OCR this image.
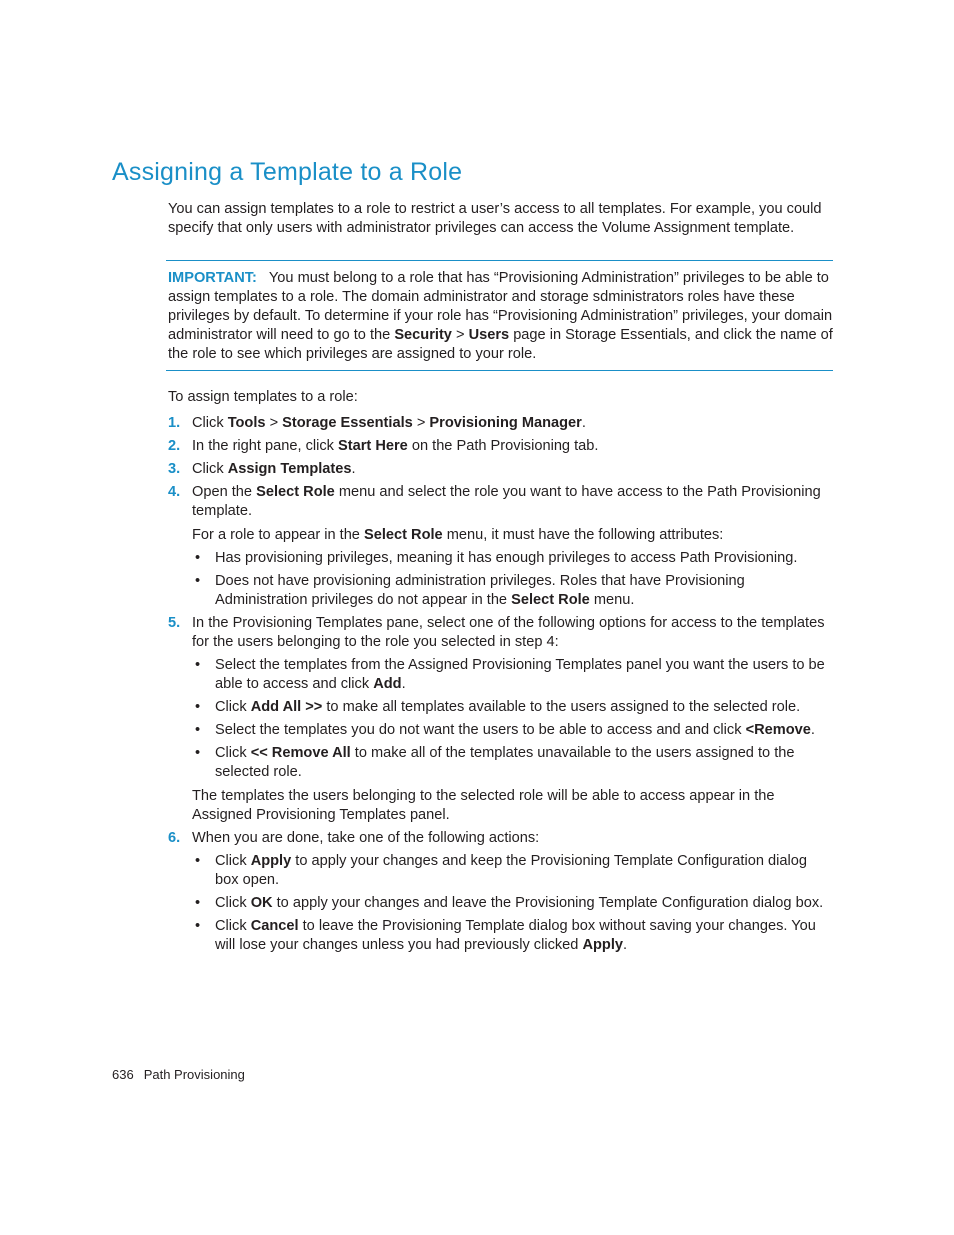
Assigning a Template to a Role

You can assign templates to a role to restrict a user’s access to all templates. For example, you could specify that only users with administrator privileges can access the Volume Assignment template.

IMPORTANT: You must belong to a role that has “Provisioning Administration” privileges to be able to assign templates to a role. The domain administrator and storage sdministrators roles have these privileges by default. To determine if your role has “Provisioning Administration” privileges, your domain administrator will need to go to the Security > Users page in Storage Essentials, and click the name of the role to see which privileges are assigned to your role.
To assign templates to a role:
1. Click Tools > Storage Essentials > Provisioning Manager.
2. In the right pane, click Start Here on the Path Provisioning tab.
3. Click Assign Templates.
4. Open the Select Role menu and select the role you want to have access to the Path Provisioning template.
For a role to appear in the Select Role menu, it must have the following attributes:
• Has provisioning privileges, meaning it has enough privileges to access Path Provisioning.
• Does not have provisioning administration privileges. Roles that have Provisioning Administration privileges do not appear in the Select Role menu.
5. In the Provisioning Templates pane, select one of the following options for access to the templates for the users belonging to the role you selected in step 4:
• Select the templates from the Assigned Provisioning Templates panel you want the users to be able to access and click Add.
• Click Add All >> to make all templates available to the users assigned to the selected role.
• Select the templates you do not want the users to be able to access and and click <Remove.
• Click << Remove All to make all of the templates unavailable to the users assigned to the selected role.
The templates the users belonging to the selected role will be able to access appear in the Assigned Provisioning Templates panel.
6. When you are done, take one of the following actions:
• Click Apply to apply your changes and keep the Provisioning Template Configuration dialog box open.
• Click OK to apply your changes and leave the Provisioning Template Configuration dialog box.
• Click Cancel to leave the Provisioning Template dialog box without saving your changes. You will lose your changes unless you had previously clicked Apply.
636 Path Provisioning
